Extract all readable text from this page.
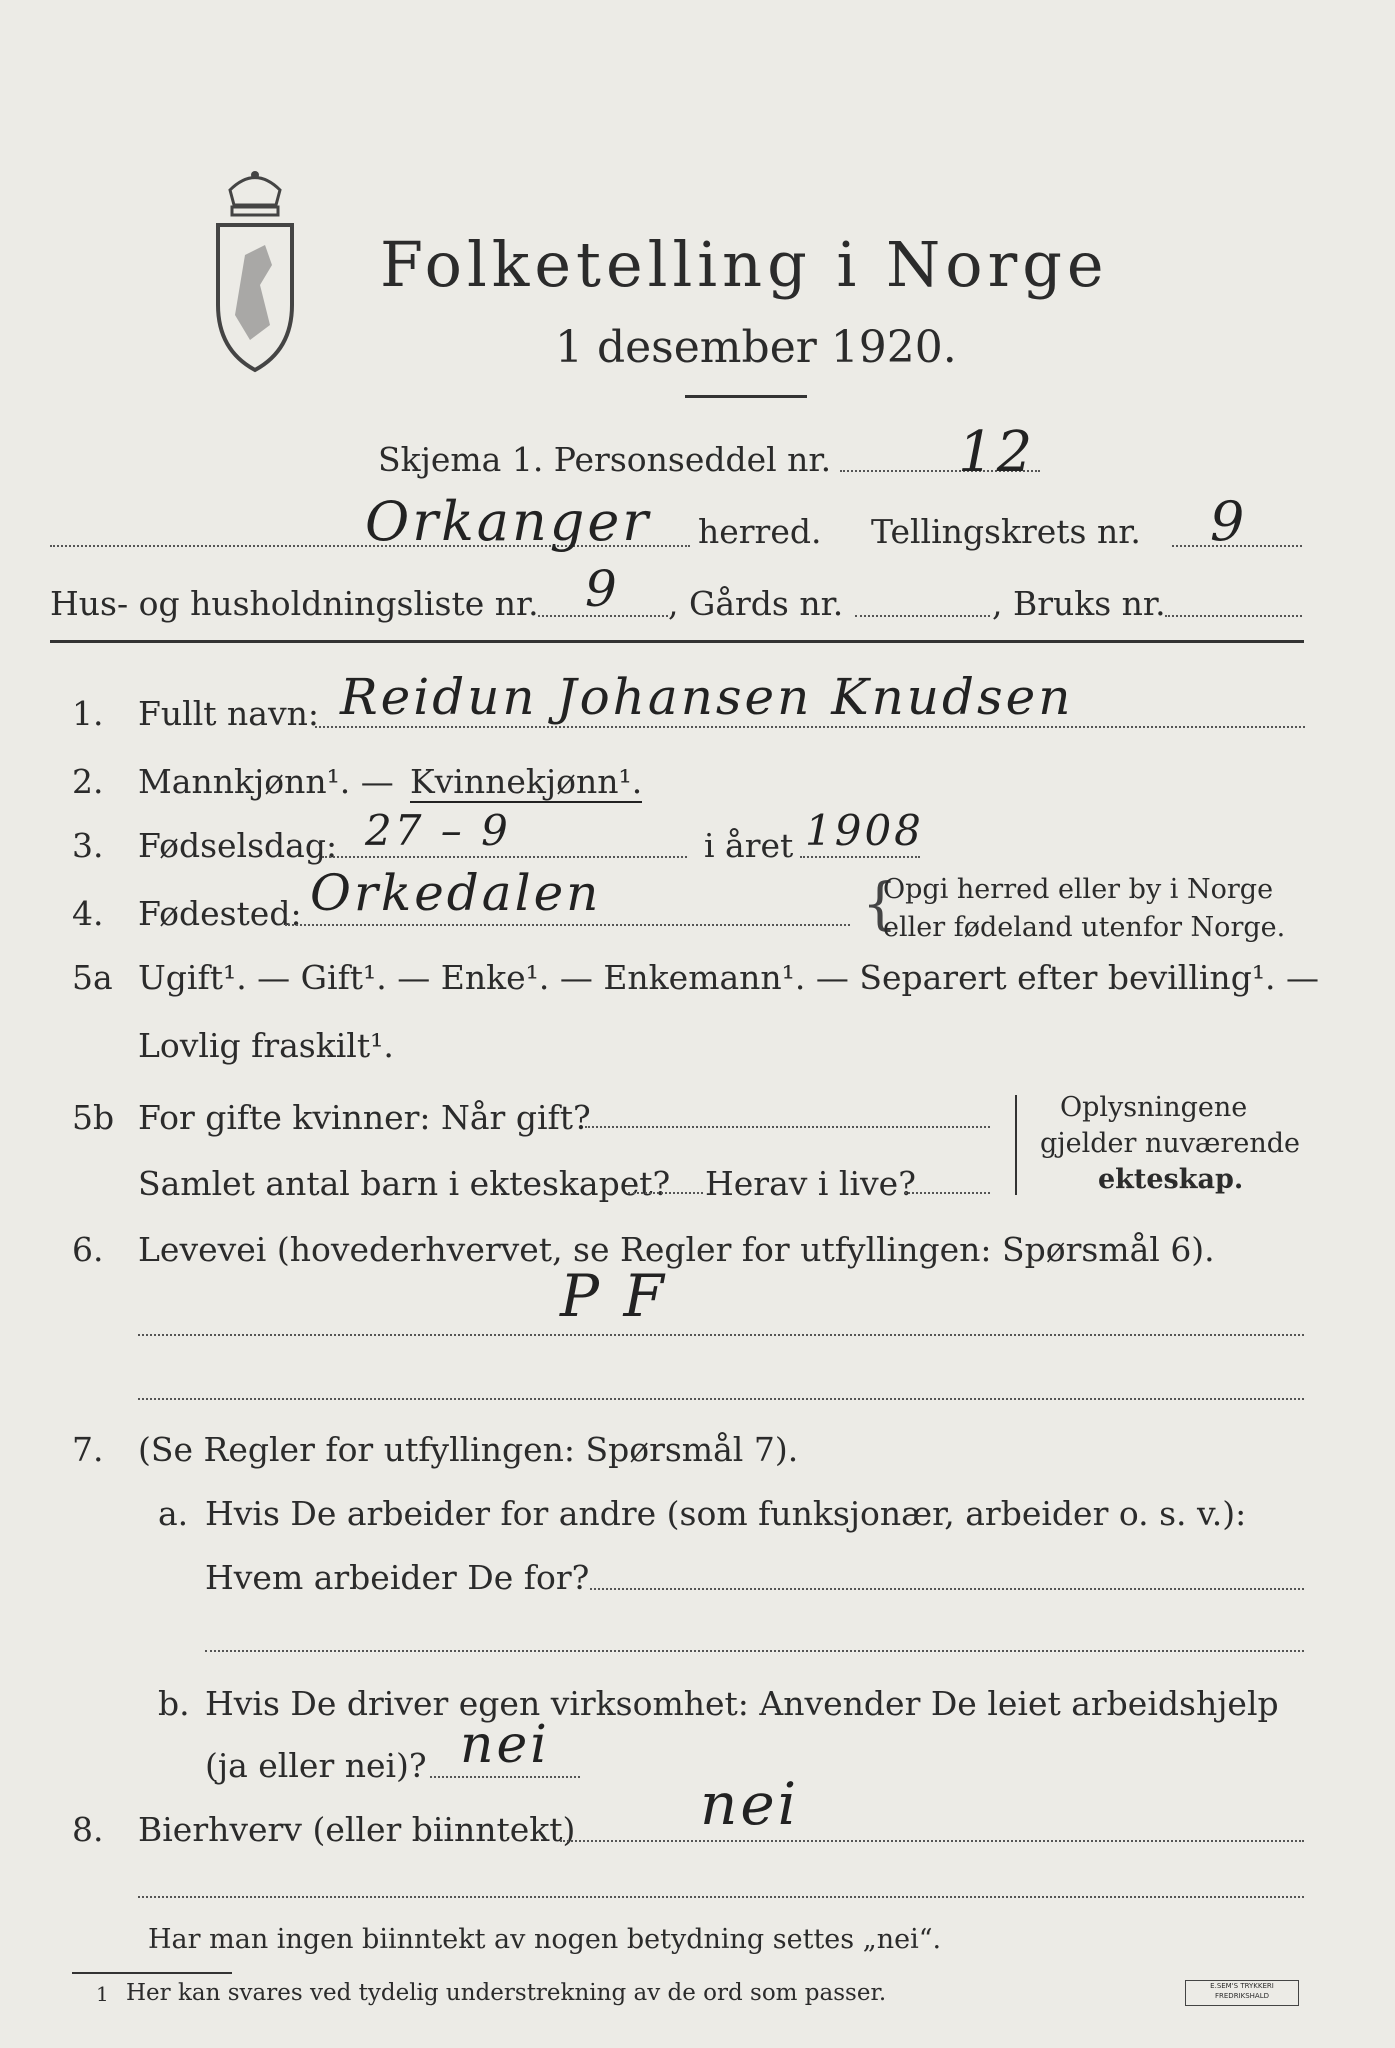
Folketelling i Norge
1 desember 1920.
Skjema 1. Personseddel nr. 12
Orkanger herred. Tellingskrets nr. 9
Hus- og husholdningsliste nr. 9 , Gårds nr.	, Bruks nr.
1. Fullt navn: Reidun Johansen Knudsen
2. Mannkjønn¹. — Kvinnekjønn¹.
3. Fødselsdag: 27 – 9	i året 1908
4. Fødested: Orkedalen	{
Opgi herred eller by i Norge
eller fødeland utenfor Norge.
5a Ugift¹. — Gift¹. — Enke¹. — Enkemann¹. — Separert efter bevilling¹. —
Lovlig fraskilt¹.
5b For gifte kvinner: Når gift?
Samlet antal barn i ekteskapet? Herav i live?
Oplysningene
gjelder nuværende
ekteskap.
6. Levevei (hovederhvervet, se Regler for utfyllingen: Spørsmål 6).
P F
7. (Se Regler for utfyllingen: Spørsmål 7).
a. Hvis De arbeider for andre (som funksjonær, arbeider o. s. v.):
Hvem arbeider De for?
b. Hvis De driver egen virksomhet: Anvender De leiet arbeidshjelp
(ja eller nei)? nei
8. Bierhverv (eller biinntekt) nei
Har man ingen biinntekt av nogen betydning settes „nei“.
1 Her kan svares ved tydelig understrekning av de ord som passer.	E.SEM'S TRYKKERI
FREDRIKSHALD
